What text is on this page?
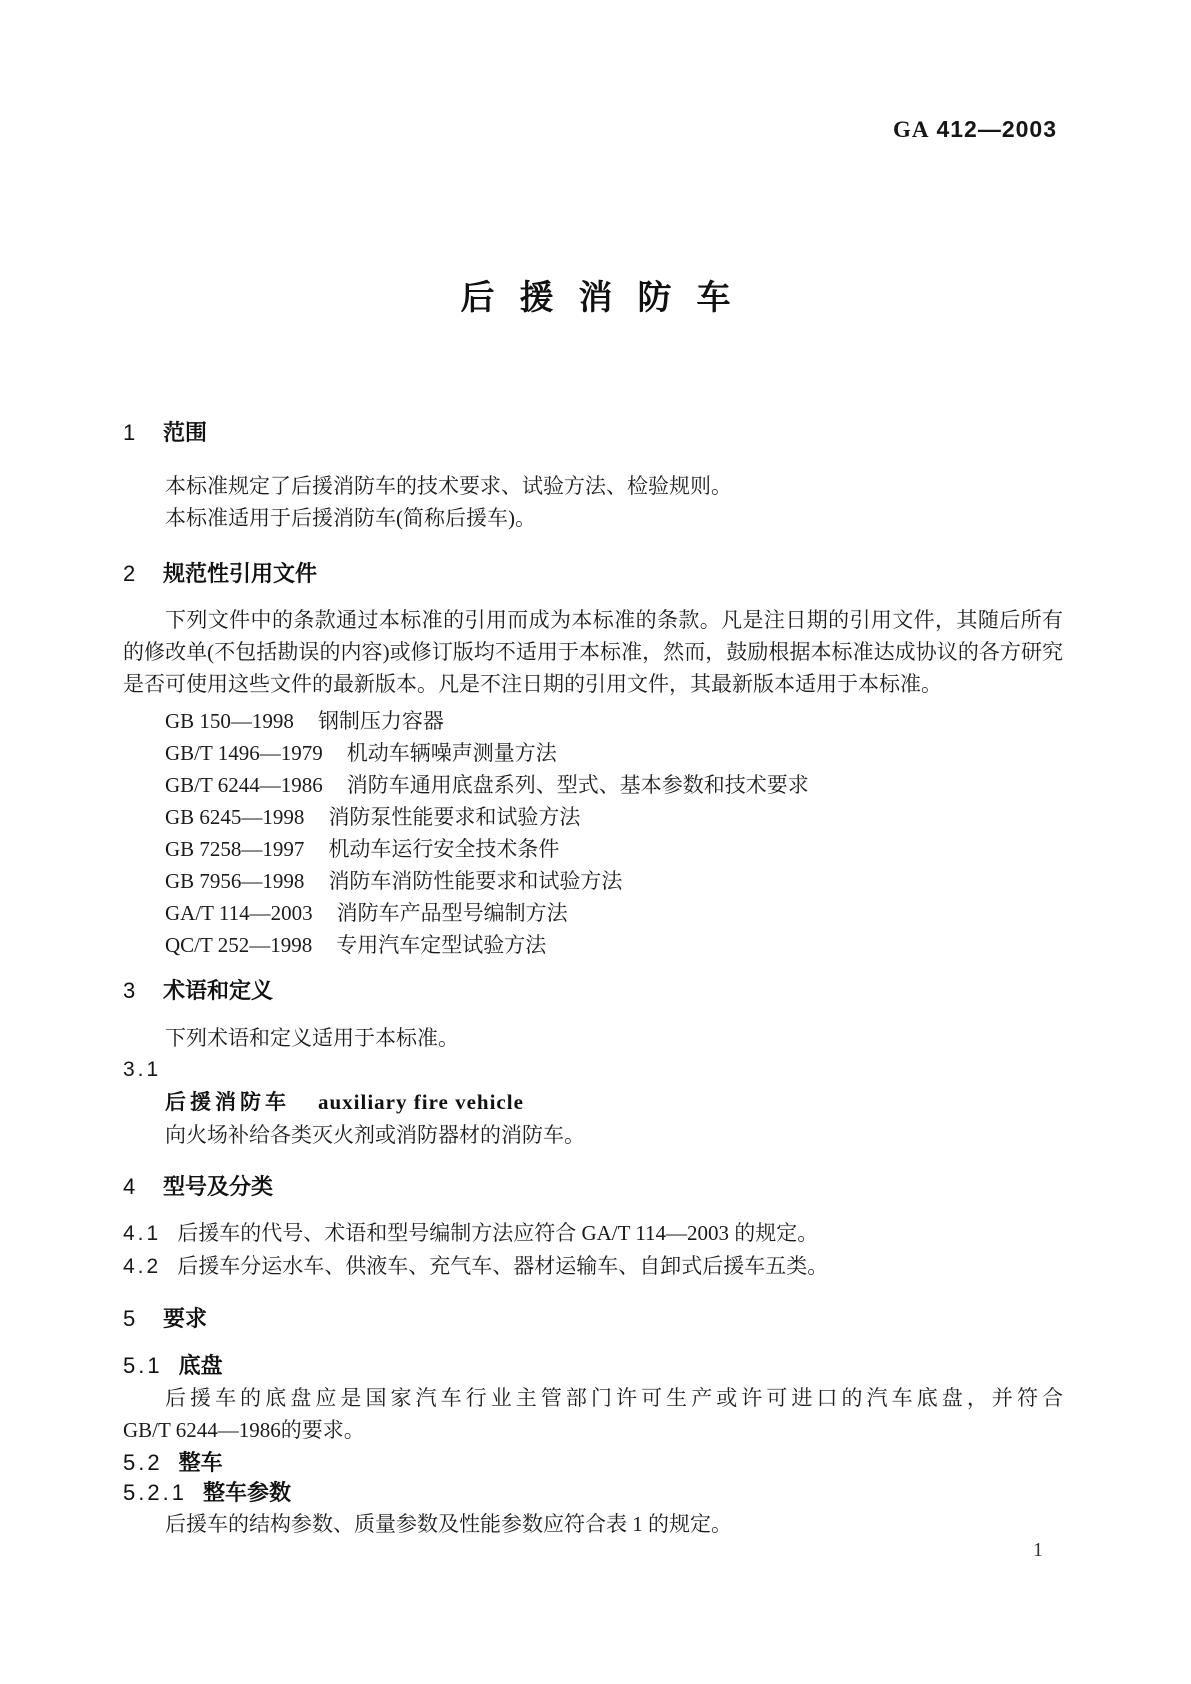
GA 412—2003
后援消防车
1 范围

本标准规定了后援消防车的技术要求、试验方法、检验规则。

本标准适用于后援消防车(简称后援车)。

2 规范性引用文件

下列文件中的条款通过本标准的引用而成为本标准的条款。凡是注日期的引用文件，其随后所有的修改单(不包括勘误的内容)或修订版均不适用于本标准，然而，鼓励根据本标准达成协议的各方研究是否可使用这些文件的最新版本。凡是不注日期的引用文件，其最新版本适用于本标准。

GB 150—1998 钢制压力容器
GB/T 1496—1979 机动车辆噪声测量方法
GB/T 6244—1986 消防车通用底盘系列、型式、基本参数和技术要求
GB 6245—1998 消防泵性能要求和试验方法
GB 7258—1997 机动车运行安全技术条件
GB 7956—1998 消防车消防性能要求和试验方法
GA/T 114—2003 消防车产品型号编制方法
QC/T 252—1998 专用汽车定型试验方法
3 术语和定义

下列术语和定义适用于本标准。

3.1
后援消防车 auxiliary fire vehicle

向火场补给各类灭火剂或消防器材的消防车。

4 型号及分类
4.1 后援车的代号、术语和型号编制方法应符合 GA/T 114—2003 的规定。
4.2 后援车分运水车、供液车、充气车、器材运输车、自卸式后援车五类。
5 要求
5.1 底盘

后援车的底盘应是国家汽车行业主管部门许可生产或许可进口的汽车底盘，并符合

GB/T 6244—1986的要求。

5.2 整车
5.2.1 整车参数

后援车的结构参数、质量参数及性能参数应符合表 1 的规定。

1
